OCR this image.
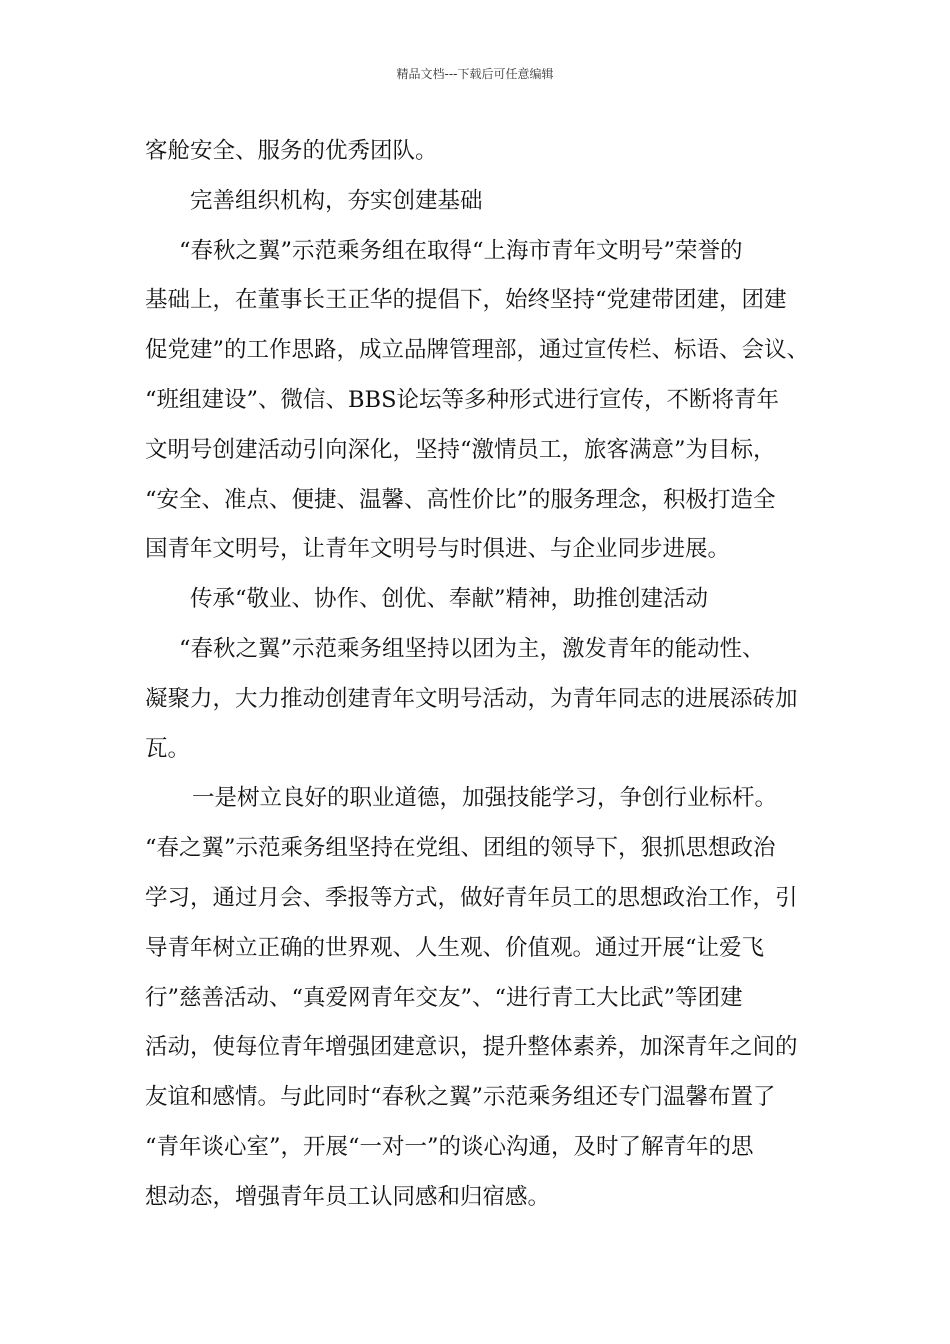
精品文档---下载后可任意编辑
客舱安全、服务的优秀团队。
完善组织机构，夯实创建基础
“春秋之翼”示范乘务组在取得“上海市青年文明号”荣誉的
基础上，在董事长王正华的提倡下，始终坚持“党建带团建，团建
促党建”的工作思路，成立品牌管理部，通过宣传栏、标语、会议、
“班组建设”、微信、BBS论坛等多种形式进行宣传，不断将青年
文明号创建活动引向深化，坚持“激情员工，旅客满意”为目标，
“安全、准点、便捷、温馨、高性价比”的服务理念，积极打造全
国青年文明号，让青年文明号与时俱进、与企业同步进展。
传承“敬业、协作、创优、奉献”精神，助推创建活动
“春秋之翼”示范乘务组坚持以团为主，激发青年的能动性、
凝聚力，大力推动创建青年文明号活动，为青年同志的进展添砖加
瓦。
一是树立良好的职业道德，加强技能学习，争创行业标杆。
“春之翼”示范乘务组坚持在党组、团组的领导下，狠抓思想政治
学习，通过月会、季报等方式，做好青年员工的思想政治工作，引
导青年树立正确的世界观、人生观、价值观。通过开展“让爱飞
行”慈善活动、“真爱网青年交友”、“进行青工大比武”等团建
活动，使每位青年增强团建意识，提升整体素养，加深青年之间的
友谊和感情。与此同时“春秋之翼”示范乘务组还专门温馨布置了
“青年谈心室”，开展“一对一”的谈心沟通，及时了解青年的思
想动态，增强青年员工认同感和归宿感。
